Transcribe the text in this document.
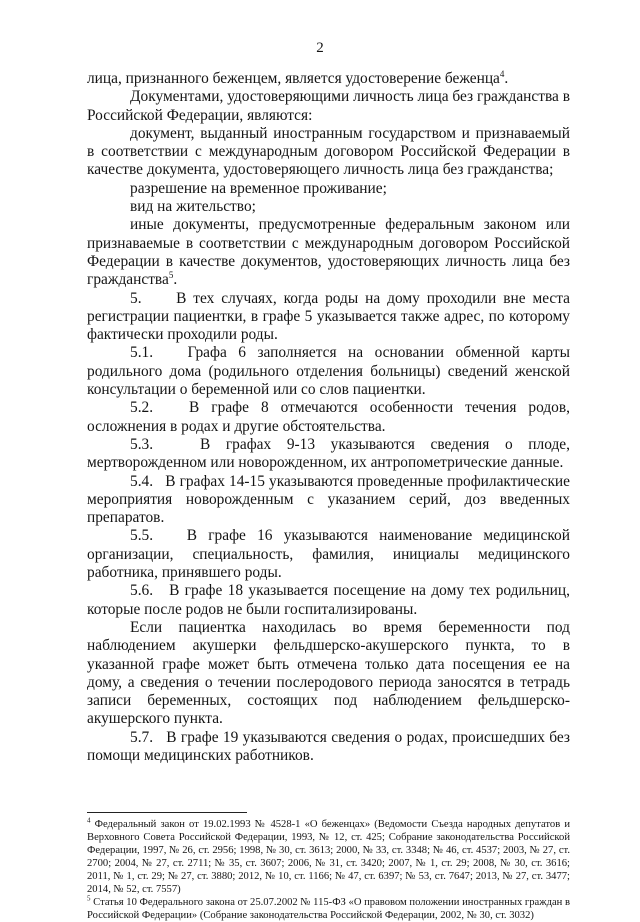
2

лица, признанного беженцем, является удостоверение беженца$^4$.

Документами, удостоверяющими личность лица без гражданства в Российской Федерации, являются:

документ, выданный иностранным государством и признаваемый в соответствии с международным договором Российской Федерации в качестве документа, удостоверяющего личность лица без гражданства;

разрешение на временное проживание;

вид на жительство;

иные документы, предусмотренные федеральным законом или признаваемые в соответствии с международным договором Российской Федерации в качестве документов, удостоверяющих личность лица без гражданства$^5$.

5.     В тех случаях, когда роды на дому проходили вне места регистрации пациентки, в графе 5 указывается также адрес, по которому фактически проходили роды.

5.1.   Графа 6 заполняется на основании обменной карты родильного дома (родильного отделения больницы) сведений женской консультации о беременной или со слов пациентки.

5.2.   В графе 8 отмечаются особенности течения родов, осложнения в родах и другие обстоятельства.

5.3.   В графах 9-13 указываются сведения о плоде, мертворожденном или новорожденном, их антропометрические данные.

5.4.   В графах 14-15 указываются проведенные профилактические мероприятия новорожденным с указанием серий, доз введенных препаратов.

5.5.   В графе 16 указываются наименование медицинской организации, специальность, фамилия, инициалы медицинского работника, принявшего роды.

5.6.   В графе 18 указывается посещение на дому тех родильниц, которые после родов не были госпитализированы.

Если пациентка находилась во время беременности под наблюдением акушерки фельдшерско-акушерского пункта, то в указанной графе может быть отмечена только дата посещения ее на дому, а сведения о течении послеродового периода заносятся в тетрадь записи беременных, состоящих под наблюдением фельдшерско-акушерского пункта.

5.7.   В графе 19 указываются сведения о родах, происшедших без помощи медицинских работников.

$^4$ Федеральный закон от 19.02.1993 № 4528-1 «О беженцах» (Ведомости Съезда народных депутатов и Верховного Совета Российской Федерации, 1993, № 12, ст. 425; Собрание законодательства Российской Федерации, 1997, № 26, ст. 2956; 1998, № 30, ст. 3613; 2000, № 33, ст. 3348; № 46, ст. 4537; 2003, № 27, ст. 2700; 2004, № 27, ст. 2711; № 35, ст. 3607; 2006, № 31, ст. 3420; 2007, № 1, ст. 29; 2008, № 30, ст. 3616; 2011, № 1, ст. 29; № 27, ст. 3880; 2012, № 10, ст. 1166; № 47, ст. 6397; № 53, ст. 7647; 2013, № 27, ст. 3477; 2014, № 52, ст. 7557)

$^5$ Статья 10 Федерального закона от 25.07.2002 № 115-ФЗ «О правовом положении иностранных граждан в Российской Федерации» (Собрание законодательства Российской Федерации, 2002, № 30, ст. 3032)
